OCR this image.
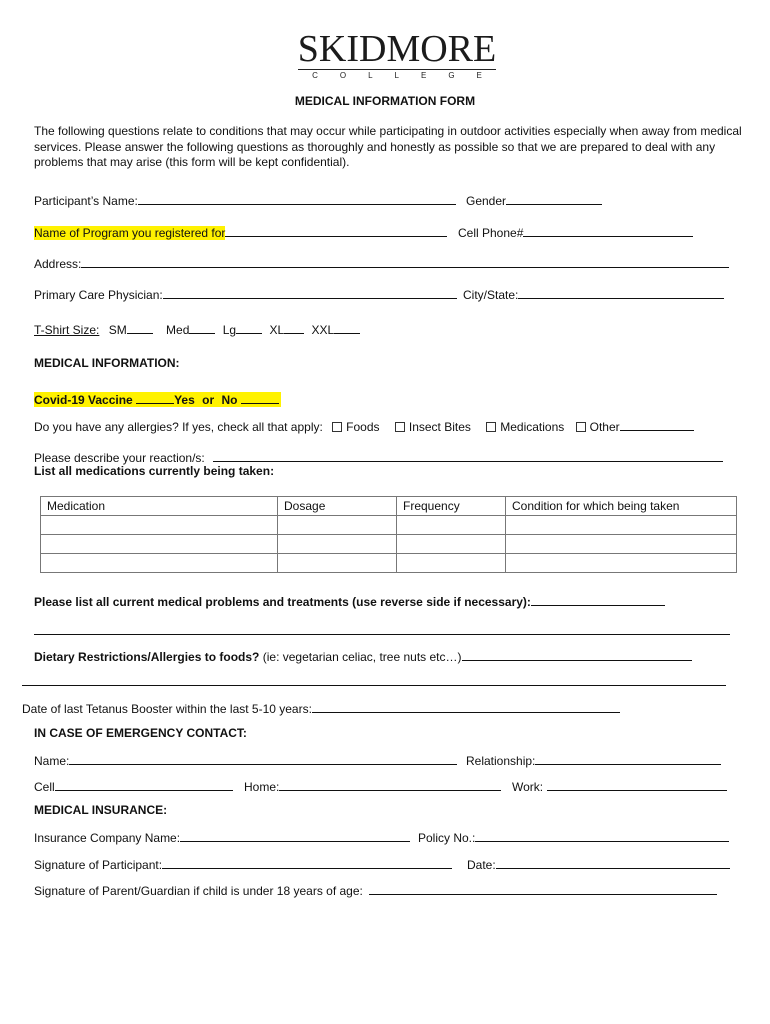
SKIDMORE
COLLEGE
MEDICAL INFORMATION FORM
The following questions relate to conditions that may occur while participating in outdoor activities especially when away from medical services. Please answer the following questions as thoroughly and honestly as possible so that we are prepared to deal with any problems that may arise (this form will be kept confidential).
Participant’s Name:	Gender
Name of Program you registered for	Cell Phone#
Address:
Primary Care Physician:	City/State:
T-Shirt Size: SM	Med	Lg	XL XXL
MEDICAL INFORMATION:
Covid-19 Vaccine	Yes or No
Do you have any allergies? If yes, check all that apply: Foods Insect Bites Medications Other
Please describe your reaction/s:
List all medications currently being taken:
Medication	Dosage	Frequency	Condition for which being taken

Please list all current medical problems and treatments (use reverse side if necessary):
Dietary Restrictions/Allergies to foods? (ie: vegetarian celiac, tree nuts etc…)
Date of last Tetanus Booster within the last 5-10 years:
IN CASE OF EMERGENCY CONTACT:
Name:	Relationship:
Cell	Home:	Work:
MEDICAL INSURANCE:
Insurance Company Name:	Policy No.:
Signature of Participant:	Date:
Signature of Parent/Guardian if child is under 18 years of age:
